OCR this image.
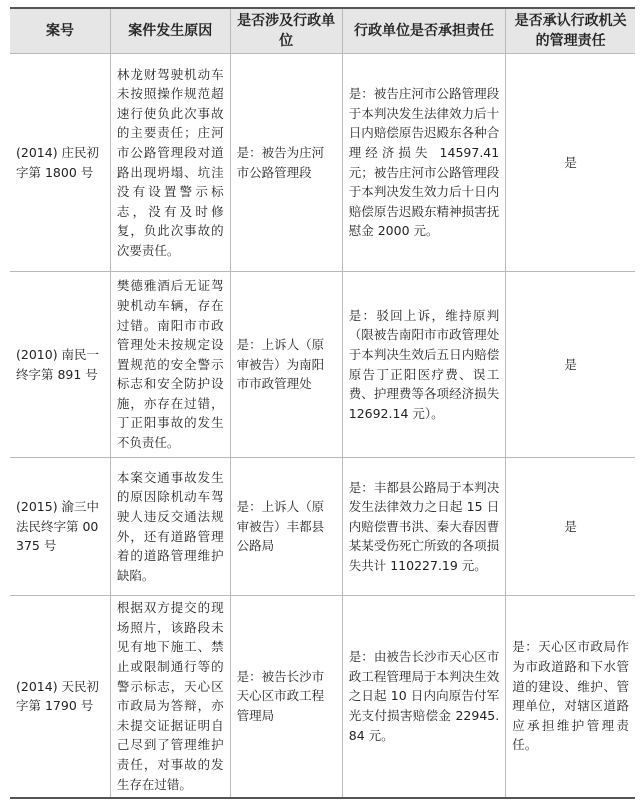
案号	案件发生原因	是否涉及行政单位	行政单位是否承担责任	是否承认行政机关的管理责任
(2014) 庄民初字第 1800 号	林龙财驾驶机动车未按照操作规范超速行使负此次事故的主要责任；庄河市公路管理段对道路出现坍塌、坑洼没有设置警示标志，没有及时修复，负此次事故的次要责任。	是：被告为庄河市公路管理段	是：被告庄河市公路管理段于本判决发生法律效力后十日内赔偿原告迟殿东各种合理经济损失 14597.41 元；被告庄河市公路管理段于本判决发生效力后十日内赔偿原告迟殿东精神损害抚慰金 2000 元。	是
(2010) 南民一终字第 891 号	樊德雅酒后无证驾驶机动车辆，存在过错。南阳市市政管理处未按规定设置规范的安全警示标志和安全防护设施，亦存在过错，丁正阳事故的发生不负责任。	是：上诉人（原审被告）为南阳市市政管理处	是：驳回上诉，维持原判（限被告南阳市市政管理处于本判决生效后五日内赔偿原告丁正阳医疗费、误工费、护理费等各项经济损失 12692.14 元）。	是
(2015) 渝三中法民终字第 00375 号	本案交通事故发生的原因除机动车驾驶人违反交通法规外，还有道路管理着的道路管理维护缺陷。	是：上诉人（原审被告）丰都县公路局	是：丰都县公路局于本判决发生法律效力之日起 15 日内赔偿曹书洪、秦大春因曹某某受伤死亡所致的各项损失共计 110227.19 元。	是
(2014) 天民初字第 1790 号	根据双方提交的现场照片，该路段未见有地下施工、禁止或限制通行等的警示标志，天心区市政局为答辩，亦未提交证据证明自己尽到了管理维护责任，对事故的发生存在过错。	是：被告长沙市天心区市政工程管理局	是：由被告长沙市天心区市政工程管理局于本判决生效之日起 10 日内向原告付军光支付损害赔偿金 22945.84 元。	是：天心区市政局作为市政道路和下水管道的建设、维护、管理单位，对辖区道路应承担维护管理责任。
